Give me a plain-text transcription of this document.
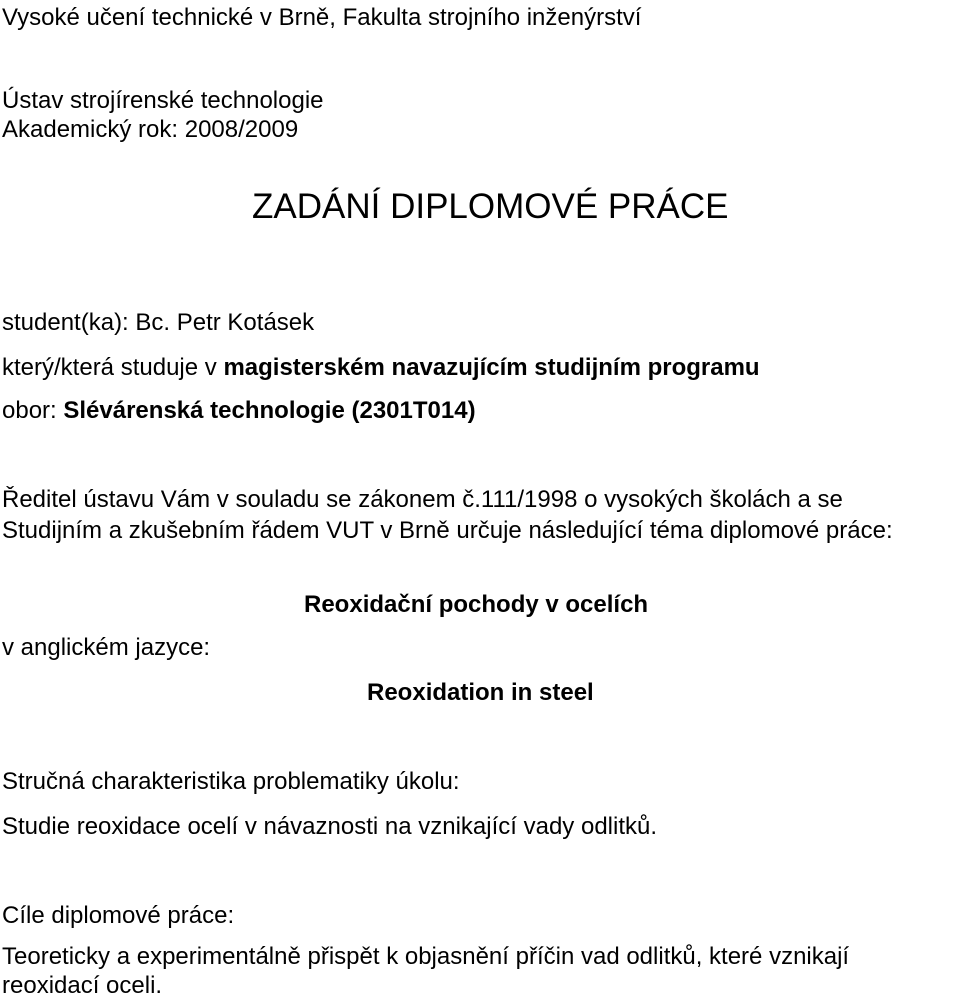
Vysoké učení technické v Brně, Fakulta strojního inženýrství
Ústav strojírenské technologie
Akademický rok: 2008/2009
ZADÁNÍ DIPLOMOVÉ PRÁCE
student(ka): Bc. Petr Kotásek
který/která studuje v magisterském navazujícím studijním programu
obor: Slévárenská technologie (2301T014)
Ředitel ústavu Vám v souladu se zákonem č.111/1998 o vysokých školách a se
Studijním a zkušebním řádem VUT v Brně určuje následující téma diplomové práce:
Reoxidační pochody v ocelích
v anglickém jazyce:
Reoxidation in steel
Stručná charakteristika problematiky úkolu:
Studie reoxidace ocelí v návaznosti na vznikající vady odlitků.
Cíle diplomové práce:
Teoreticky a experimentálně přispět k objasnění příčin vad odlitků, které vznikají
reoxidací oceli.
